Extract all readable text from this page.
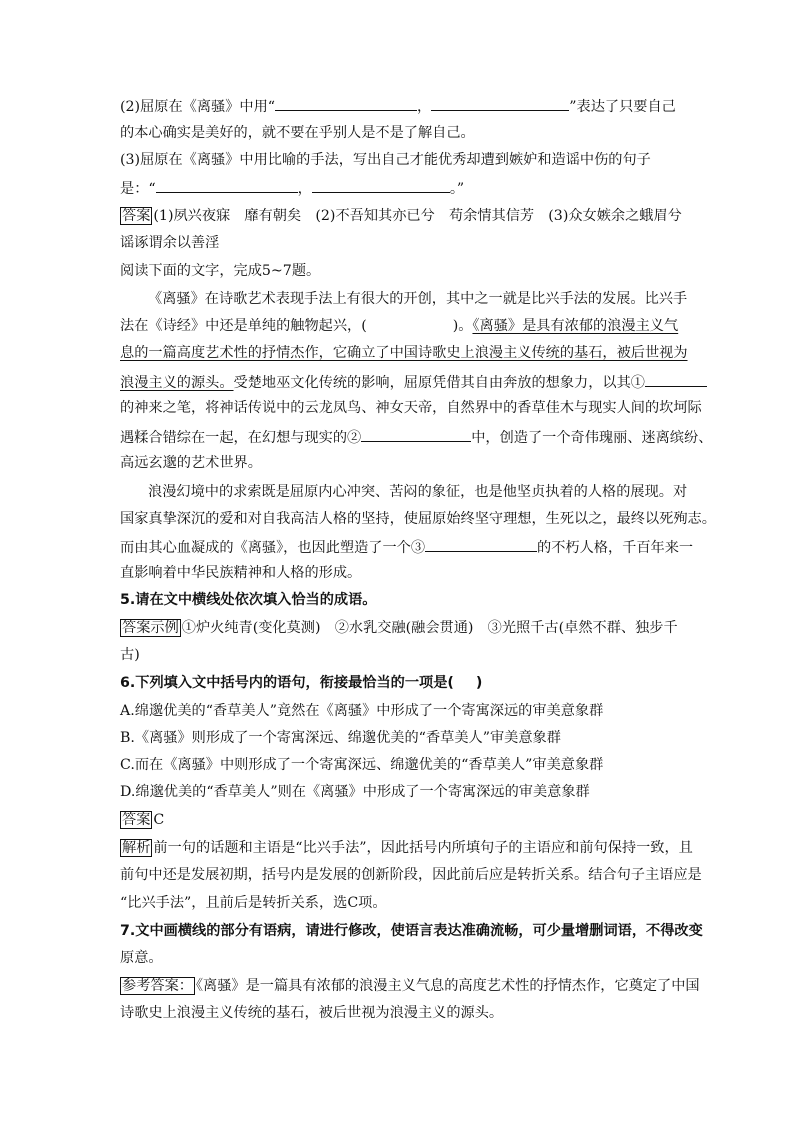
(2)屈原在《离骚》中用“	，	”表达了只要自己
的本心确实是美好的，就不要在乎别人是不是了解自己。
(3)屈原在《离骚》中用比喻的手法，写出自己才能优秀却遭到嫉妒和造谣中伤的句子
是：“	，	。”
答案 (1)夙兴夜寐　靡有朝矣　(2)不吾知其亦已兮　苟余情其信芳　(3)众女嫉余之蛾眉兮
谣诼谓余以善淫
阅读下面的文字，完成5~7题。
《离骚》在诗歌艺术表现手法上有很大的开创，其中之一就是比兴手法的发展。比兴手
法在《诗经》中还是单纯的触物起兴，(	)。《离骚》是具有浓郁的浪漫主义气
息的一篇高度艺术性的抒情杰作，它确立了中国诗歌史上浪漫主义传统的基石，被后世视为
浪漫主义的源头。受楚地巫文化传统的影响，屈原凭借其自由奔放的想象力，以其①
的神来之笔，将神话传说中的云龙凤鸟、神女天帝，自然界中的香草佳木与现实人间的坎坷际
遇糅合错综在一起，在幻想与现实的②	中，创造了一个奇伟瑰丽、迷离缤纷、
高远玄邈的艺术世界。
浪漫幻境中的求索既是屈原内心冲突、苦闷的象征，也是他坚贞执着的人格的展现。对
国家真挚深沉的爱和对自我高洁人格的坚持，使屈原始终坚守理想，生死以之，最终以死殉志。
而由其心血凝成的《离骚》，也因此塑造了一个③	的不朽人格，千百年来一
直影响着中华民族精神和人格的形成。
5.请在文中横线处依次填入恰当的成语。
答案示例 ①炉火纯青(变化莫测)　②水乳交融(融会贯通)　③光照千古(卓然不群、独步千
古)
6.下列填入文中括号内的语句，衔接最恰当的一项是( )
A.绵邈优美的“香草美人”竟然在《离骚》中形成了一个寄寓深远的审美意象群
B.《离骚》则形成了一个寄寓深远、绵邈优美的“香草美人”审美意象群
C.而在《离骚》中则形成了一个寄寓深远、绵邈优美的“香草美人”审美意象群
D.绵邈优美的“香草美人”则在《离骚》中形成了一个寄寓深远的审美意象群
答案 C
解析 前一句的话题和主语是“比兴手法”，因此括号内所填句子的主语应和前句保持一致，且
前句中还是发展初期，括号内是发展的创新阶段，因此前后应是转折关系。结合句子主语应是
“比兴手法”，且前后是转折关系，选C项。
7.文中画横线的部分有语病，请进行修改，使语言表达准确流畅，可少量增删词语，不得改变
原意。
参考答案： 《离骚》是一篇具有浓郁的浪漫主义气息的高度艺术性的抒情杰作，它奠定了中国
诗歌史上浪漫主义传统的基石，被后世视为浪漫主义的源头。
